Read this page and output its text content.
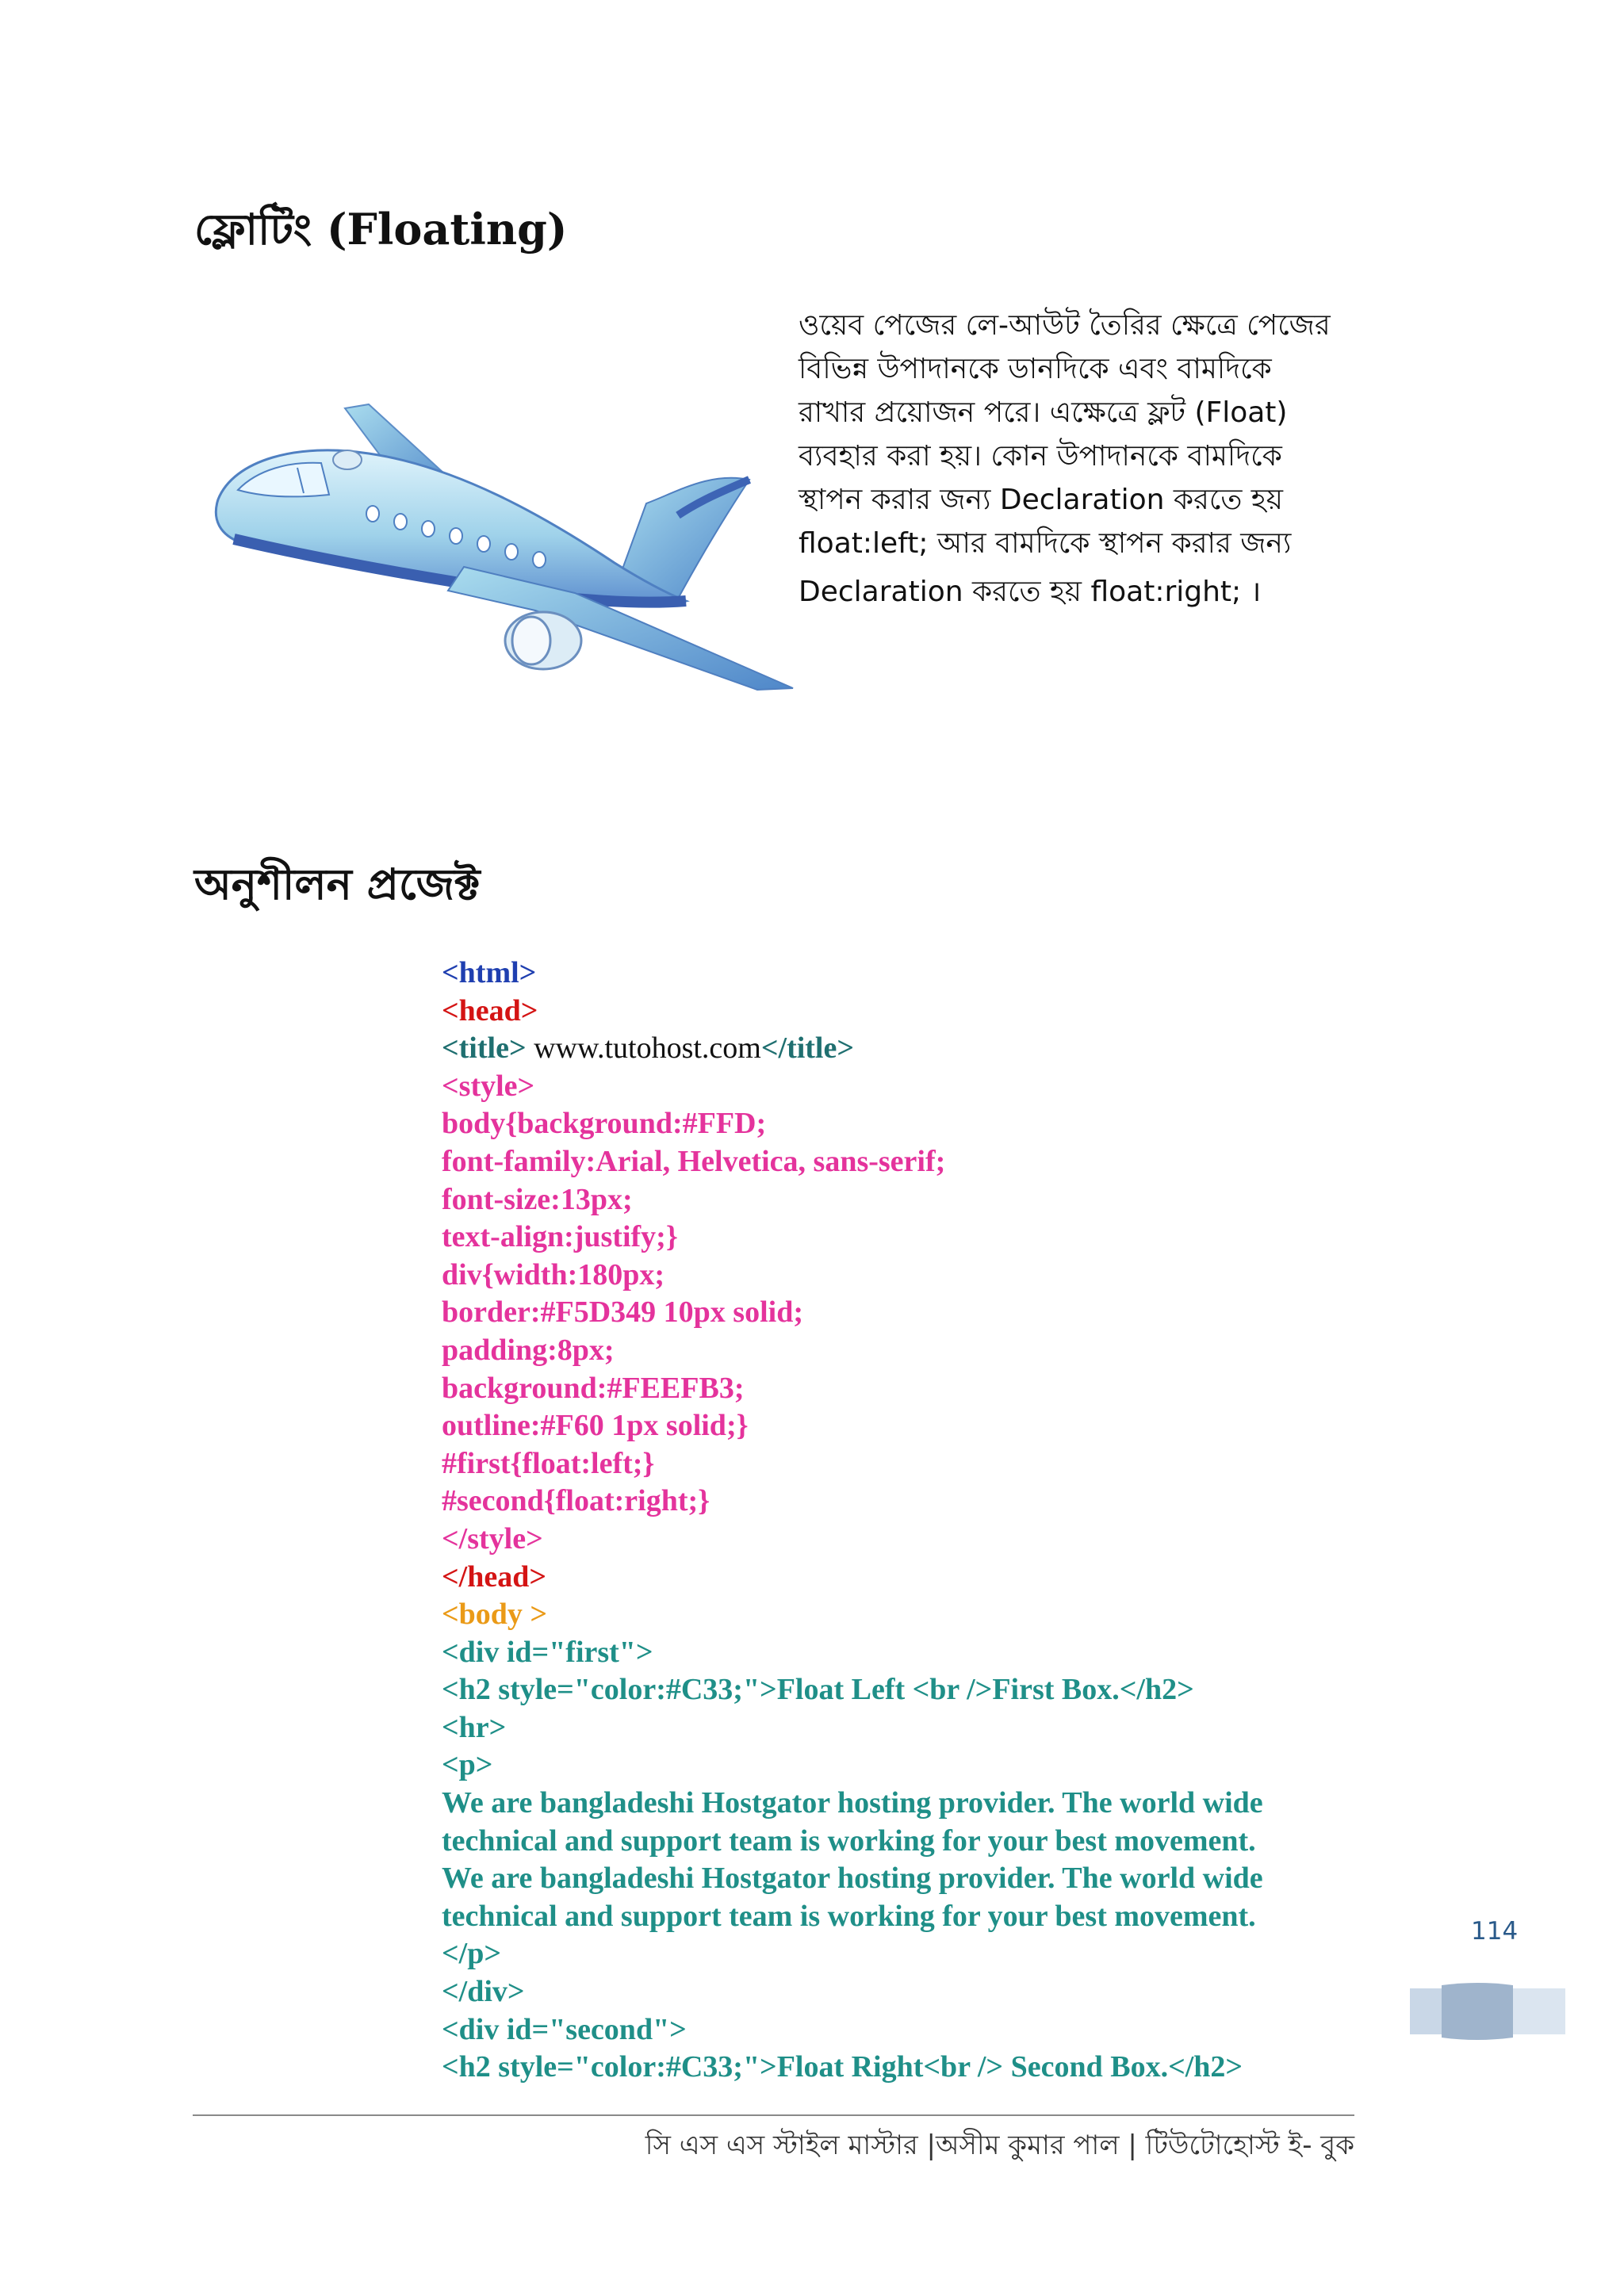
ফ্লোটিং (Floating)

ওয়েব পেজের লে-আউট তৈরির ক্ষেত্রে পেজের
বিভিন্ন উপাদানকে ডানদিকে এবং বামদিকে
রাখার প্রয়োজন পরে। এক্ষেত্রে ফ্লট (Float)
ব্যবহার করা হয়। কোন উপাদানকে বামদিকে
স্থাপন করার জন্য Declaration করতে হয়
float:left; আর বামদিকে স্থাপন করার জন্য
Declaration করতে হয় float:right; ।

অনুশীলন প্রজেক্ট
<html>
<head>
<title> www.tutohost.com</title>
<style>
body{background:#FFD;
font-family:Arial, Helvetica, sans-serif;
font-size:13px;
text-align:justify;}
div{width:180px;
border:#F5D349 10px solid;
padding:8px;
background:#FEEFB3;
outline:#F60 1px solid;}
#first{float:left;}
#second{float:right;}
</style>
</head>
<body >
<div id="first">
<h2 style="color:#C33;">Float Left <br />First Box.</h2>
<hr>
<p>
We are bangladeshi Hostgator hosting provider. The world wide
technical and support team is working for your best movement.
We are bangladeshi Hostgator hosting provider. The world wide
technical and support team is working for your best movement.
</p>
</div>
<div id="second">
<h2 style="color:#C33;">Float Right<br /> Second Box.</h2>
114
সি এস এস স্টাইল মাস্টার |অসীম কুমার পাল | টিউটোহোস্ট ই- বুক
